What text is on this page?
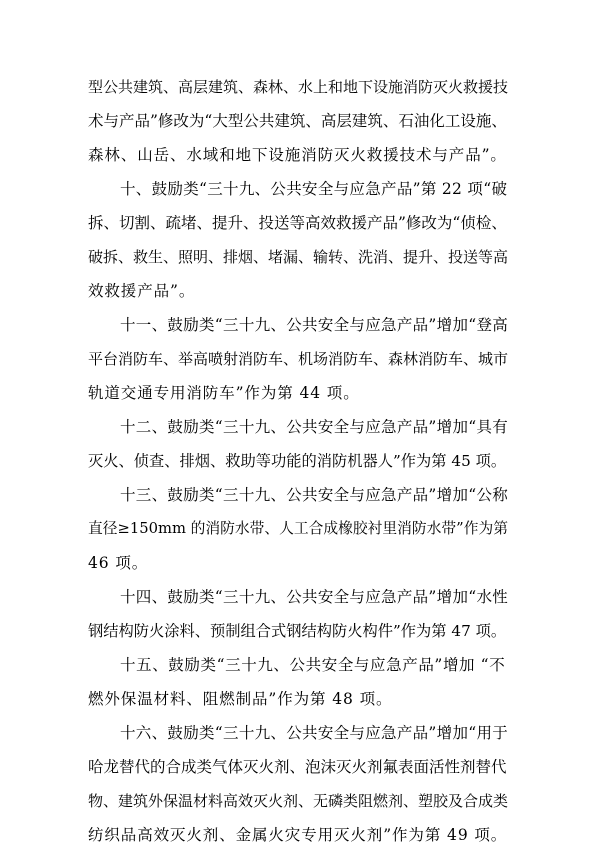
型公共建筑、高层建筑、森林、水上和地下设施消防灭火救援技
术与产品”修改为“大型公共建筑、高层建筑、石油化工设施、
森林、山岳、水域和地下设施消防灭火救援技术与产品”。
十、鼓励类“三十九、公共安全与应急产品”第 22 项“破
拆、切割、疏堵、提升、投送等高效救援产品”修改为“侦检、
破拆、救生、照明、排烟、堵漏、输转、洗消、提升、投送等高
效救援产品”。
十一、鼓励类“三十九、公共安全与应急产品”增加“登高
平台消防车、举高喷射消防车、机场消防车、森林消防车、城市
轨道交通专用消防车”作为第 44 项。
十二、鼓励类“三十九、公共安全与应急产品”增加“具有
灭火、侦查、排烟、救助等功能的消防机器人”作为第 45 项。
十三、鼓励类“三十九、公共安全与应急产品”增加“公称
直径≥150mm 的消防水带、人工合成橡胶衬里消防水带”作为第
46 项。
十四、鼓励类“三十九、公共安全与应急产品”增加“水性
钢结构防火涂料、预制组合式钢结构防火构件”作为第 47 项。
十五、鼓励类“三十九、公共安全与应急产品”增加 “不
燃外保温材料、阻燃制品”作为第 48 项。
十六、鼓励类“三十九、公共安全与应急产品”增加“用于
哈龙替代的合成类气体灭火剂、泡沫灭火剂氟表面活性剂替代
物、建筑外保温材料高效灭火剂、无磷类阻燃剂、塑胶及合成类
纺织品高效灭火剂、金属火灾专用灭火剂”作为第 49 项。
